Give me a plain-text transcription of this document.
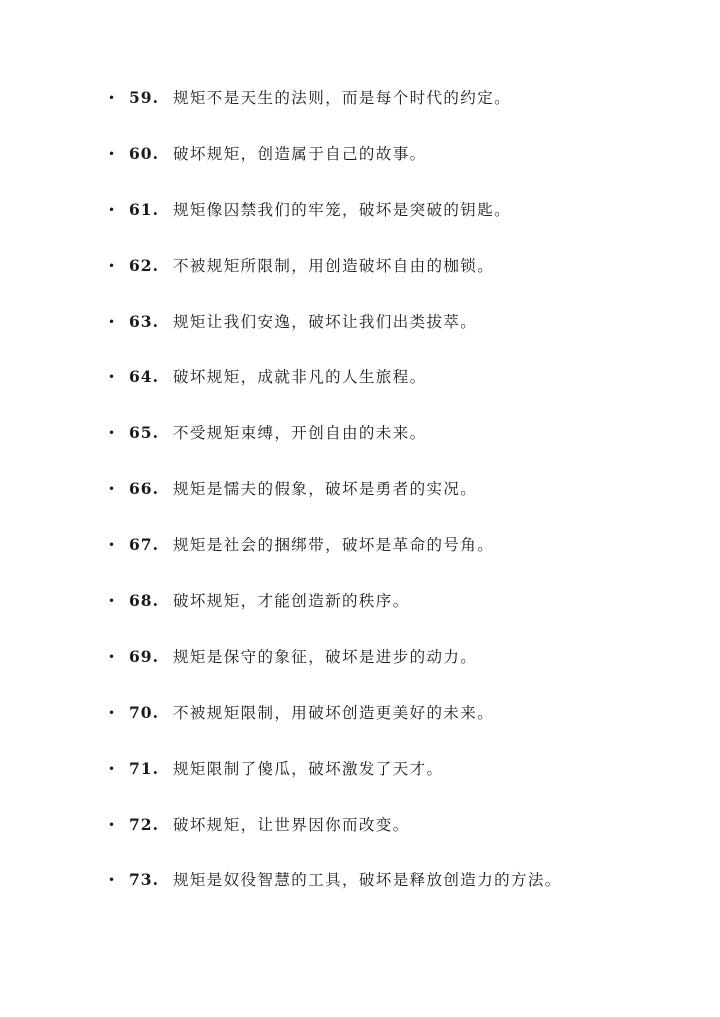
• 59. 规矩不是天生的法则，而是每个时代的约定。
• 60. 破坏规矩，创造属于自己的故事。
• 61. 规矩像囚禁我们的牢笼，破坏是突破的钥匙。
• 62. 不被规矩所限制，用创造破坏自由的枷锁。
• 63. 规矩让我们安逸，破坏让我们出类拔萃。
• 64. 破坏规矩，成就非凡的人生旅程。
• 65. 不受规矩束缚，开创自由的未来。
• 66. 规矩是懦夫的假象，破坏是勇者的实况。
• 67. 规矩是社会的捆绑带，破坏是革命的号角。
• 68. 破坏规矩，才能创造新的秩序。
• 69. 规矩是保守的象征，破坏是进步的动力。
• 70. 不被规矩限制，用破坏创造更美好的未来。
• 71. 规矩限制了傻瓜，破坏激发了天才。
• 72. 破坏规矩，让世界因你而改变。
• 73. 规矩是奴役智慧的工具，破坏是释放创造力的方法。
